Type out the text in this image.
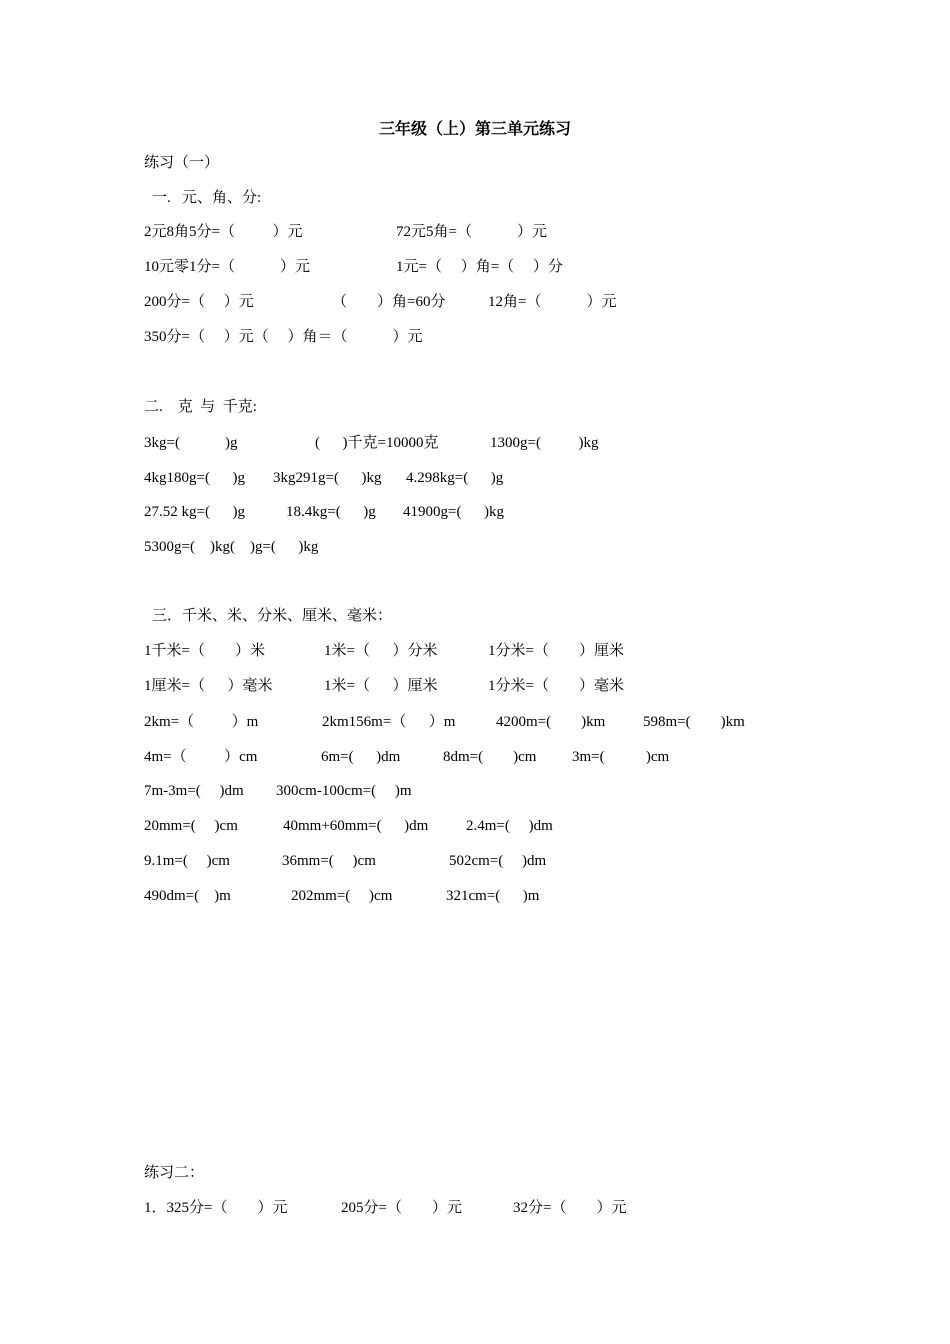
三年级（上）第三单元练习

练习（一）

一.   元、角、分:

2元8角5分=（          ）元

	72元5角=（            ）元

10元零1分=（            ）元

	1元=（     ）角=（     ）分

200分=（     ）元

	（        ）角=60分

	12角=（            ）元

350分=（     ）元（     ）角＝（            ）元

二.    克  与  千克:

3kg=(            )g

	(      )千克=10000克

	1300g=(          )kg

4kg180g=(      )g

3kg291g=(      )kg

4.298kg=(      )g

27.52 kg=(      )g

	18.4kg=(      )g

41900g=(      )kg

5300g=(    )kg(    )g=(      )kg

三．千米、米、分米、厘米、毫米：

1千米=（        ）米

	1米=（      ）分米

	1分米=（        ）厘米

1厘米=（      ）毫米

	1米=（      ）厘米

	1分米=（        ）毫米

2km=（          ）m

	2km156m=（      ）m

	4200m=(        )km

	598m=(        )km

4m=（          ）cm

	6m=(      )dm

	8dm=(        )cm

3m=(           )cm

7m-3m=(     )dm

300cm-100cm=(     )m

20mm=(     )cm

	40mm+60mm=(      )dm

	2.4m=(     )dm

9.1m=(     )cm

	36mm=(     )cm

	502cm=(     )dm

490dm=(    )m

	202mm=(     )cm

	321cm=(      )m

练习二：

1．325分=（        ）元

	205分=（        ）元

	32分=（        ）元
